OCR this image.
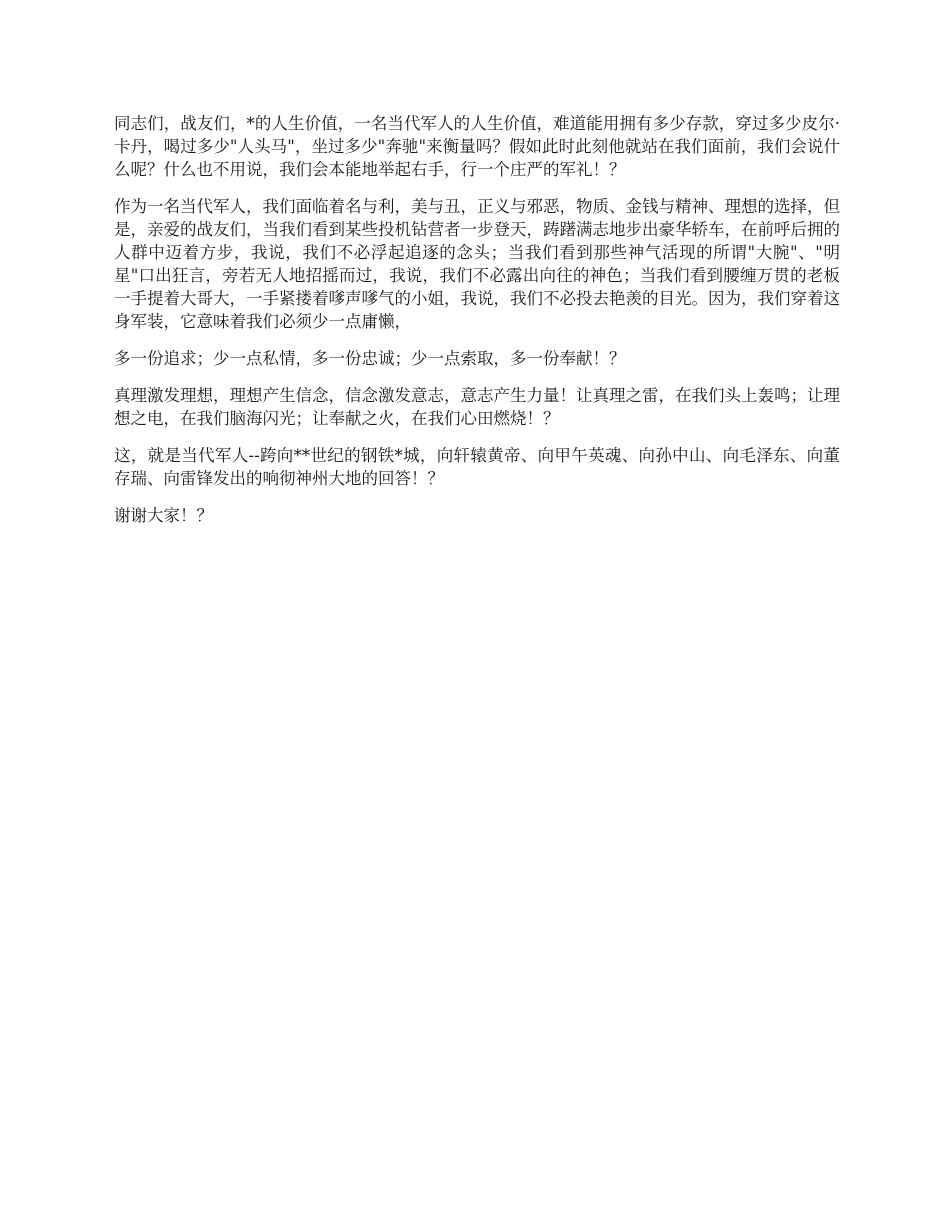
同志们，战友们，*的人生价值，一名当代军人的人生价值，难道能用拥有多少存款，穿过多少皮尔·卡丹，喝过多少"人头马"，坐过多少"奔驰"来衡量吗？假如此时此刻他就站在我们面前，我们会说什么呢？什么也不用说，我们会本能地举起右手，行一个庄严的军礼！？

作为一名当代军人，我们面临着名与利，美与丑，正义与邪恶，物质、金钱与精神、理想的选择，但是，亲爱的战友们，当我们看到某些投机钻营者一步登天，踌躇满志地步出豪华轿车，在前呼后拥的人群中迈着方步，我说，我们不必浮起追逐的念头；当我们看到那些神气活现的所谓"大腕"、"明星"口出狂言，旁若无人地招摇而过，我说，我们不必露出向往的神色；当我们看到腰缠万贯的老板一手提着大哥大，一手紧搂着嗲声嗲气的小姐，我说，我们不必投去艳羡的目光。因为，我们穿着这身军装，它意味着我们必须少一点庸懒，

多一份追求；少一点私情，多一份忠诚；少一点索取，多一份奉献！？

真理激发理想，理想产生信念，信念激发意志，意志产生力量！让真理之雷，在我们头上轰鸣；让理想之电，在我们脑海闪光；让奉献之火，在我们心田燃烧！？

这，就是当代军人--跨向**世纪的钢铁*城，向轩辕黄帝、向甲午英魂、向孙中山、向毛泽东、向董存瑞、向雷锋发出的响彻神州大地的回答！？

谢谢大家！？
